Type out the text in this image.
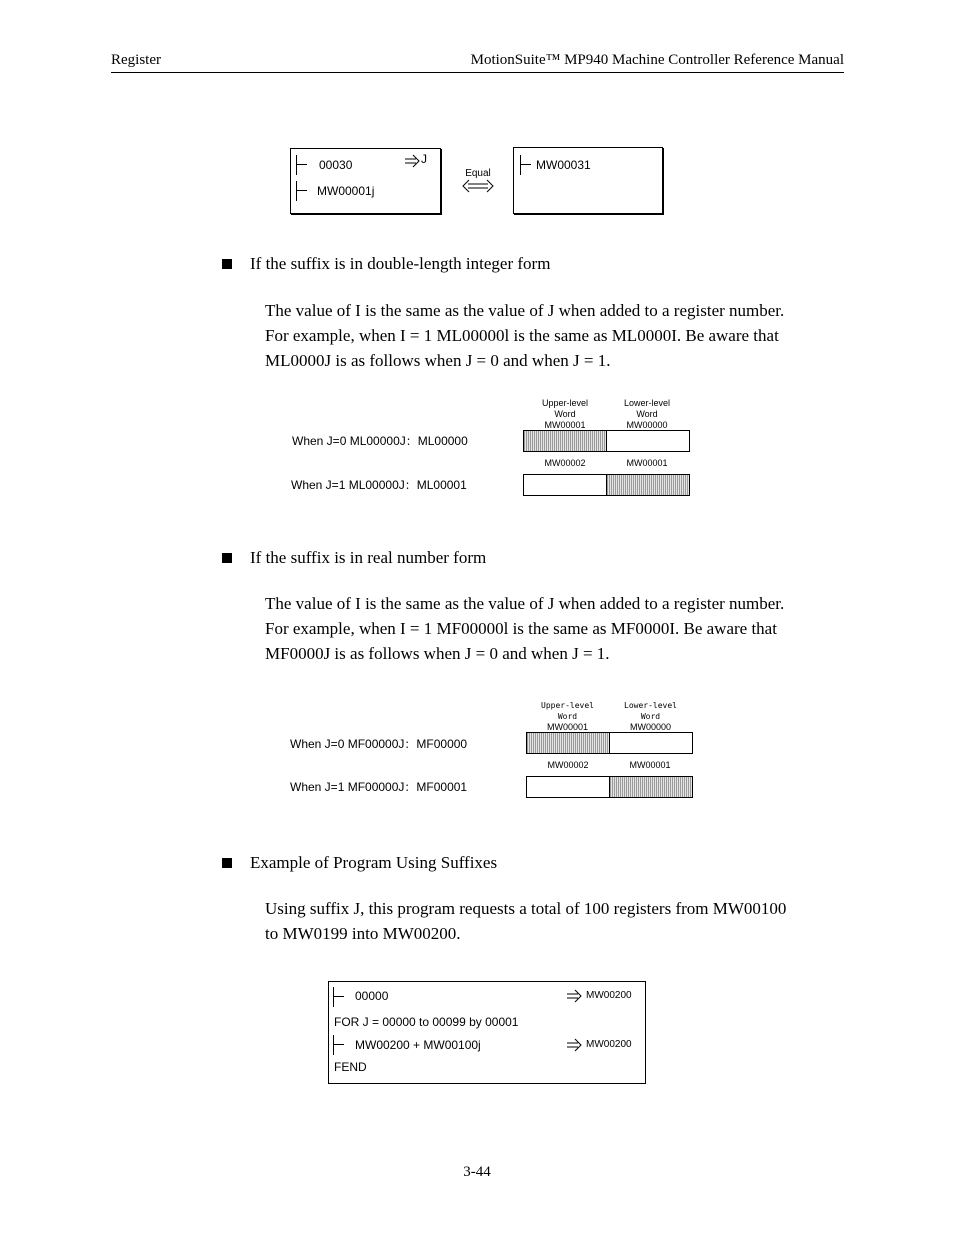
Register	MotionSuite™ MP940 Machine Controller Reference Manual
00030	J
MW00001j
Equal
MW00031
If the suffix is in double-length integer form
The value of I is the same as the value of J when added to a register number.
For example, when I = 1 ML00000l is the same as ML0000I. Be aware that
ML0000J is as follows when J = 0 and when J = 1.
Upper-level
Word
MW00001
Lower-level
Word
MW00000
When J=0 ML00000J：ML00000
MW00002	MW00001
When J=1 ML00000J：ML00001
If the suffix is in real number form
The value of I is the same as the value of J when added to a register number.
For example, when I = 1 MF00000l is the same as MF0000I. Be aware that
MF0000J is as follows when J = 0 and when J = 1.
Upper-level
Word
MW00001
Lower-level
Word
MW00000
When J=0 MF00000J：MF00000
MW00002	MW00001
When J=1 MF00000J：MF00001
Example of Program Using Suffixes
Using suffix J, this program requests a total of 100 registers from MW00100
to MW0199 into MW00200.
00000	MW00200
FOR J = 00000 to 00099 by 00001
MW00200 + MW00100j	MW00200
FEND
3-44
